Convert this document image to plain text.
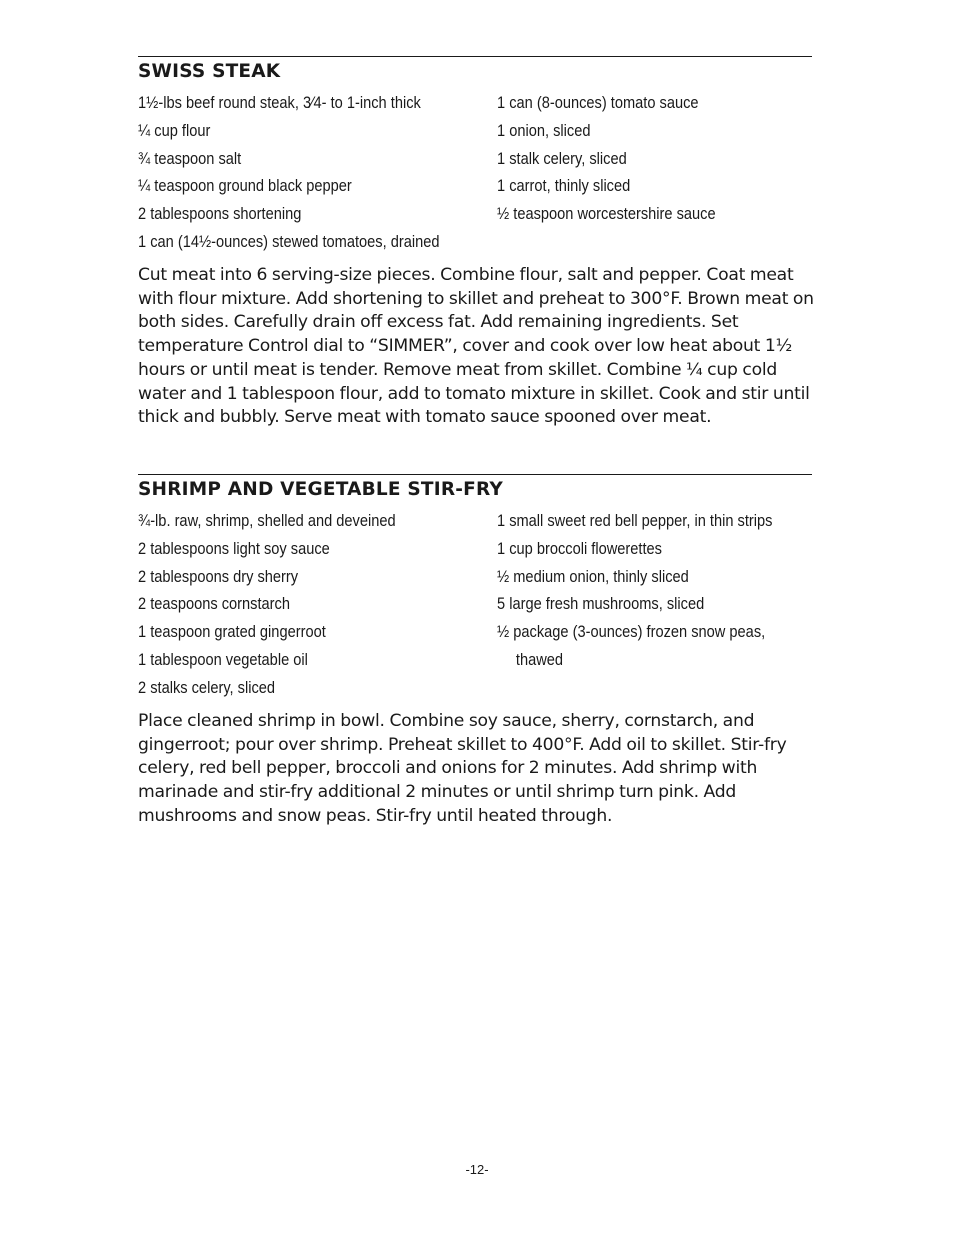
SWISS STEAK
1½-lbs beef round steak, 3⁄4- to 1-inch thick
¼ cup flour
¾ teaspoon salt
¼ teaspoon ground black pepper
2 tablespoons shortening
1 can (14½-ounces) stewed tomatoes, drained
1 can (8-ounces) tomato sauce
1 onion, sliced
1 stalk celery, sliced
1 carrot, thinly sliced
½ teaspoon worcestershire sauce

Cut meat into 6 serving-size pieces. Combine flour, salt and pepper. Coat meat with flour mixture. Add shortening to skillet and preheat to 300°F. Brown meat on both sides. Carefully drain off excess fat. Add remaining ingredients. Set temperature Control dial to “SIMMER”, cover and cook over low heat about 1½ hours or until meat is tender. Remove meat from skillet. Combine ¼ cup cold water and 1 tablespoon flour, add to tomato mixture in skillet. Cook and stir until thick and bubbly. Serve meat with tomato sauce spooned over meat.

SHRIMP AND VEGETABLE STIR-FRY
¾-lb. raw, shrimp, shelled and deveined
2 tablespoons light soy sauce
2 tablespoons dry sherry
2 teaspoons cornstarch
1 teaspoon grated gingerroot
1 tablespoon vegetable oil
2 stalks celery, sliced
1 small sweet red bell pepper, in thin strips
1 cup broccoli flowerettes
½ medium onion, thinly sliced
5 large fresh mushrooms, sliced
½ package (3-ounces) frozen snow peas,
thawed

Place cleaned shrimp in bowl. Combine soy sauce, sherry, cornstarch, and gingerroot; pour over shrimp. Preheat skillet to 400°F. Add oil to skillet. Stir-fry celery, red bell pepper, broccoli and onions for 2 minutes. Add shrimp with marinade and stir-fry additional 2 minutes or until shrimp turn pink. Add mushrooms and snow peas. Stir-fry until heated through.

-12-
